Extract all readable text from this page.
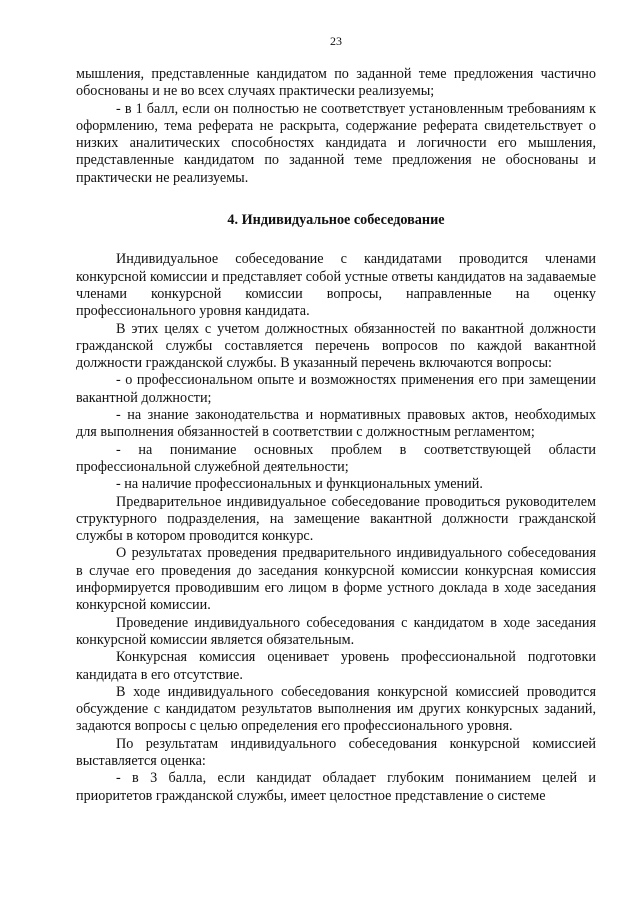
23

мышления, представленные кандидатом по заданной теме предложения частично обоснованы и не во всех случаях практически реализуемы;

- в 1 балл, если он полностью не соответствует установленным требованиям к оформлению, тема реферата не раскрыта, содержание реферата свидетельствует о низких аналитических способностях кандидата и логичности его мышления, представленные кандидатом по заданной теме предложения не обоснованы и практически не реализуемы.

4. Индивидуальное собеседование

Индивидуальное собеседование с кандидатами проводится членами конкурсной комиссии и представляет собой устные ответы кандидатов на задаваемые членами конкурсной комиссии вопросы, направленные на оценку профессионального уровня кандидата.

В этих целях с учетом должностных обязанностей по вакантной должности гражданской службы составляется перечень вопросов по каждой вакантной должности гражданской службы. В указанный перечень включаются вопросы:

- о профессиональном опыте и возможностях применения его при замещении вакантной должности;

- на знание законодательства и нормативных правовых актов, необходимых для выполнения обязанностей в соответствии с должностным регламентом;

- на понимание основных проблем в соответствующей области профессиональной служебной деятельности;

- на наличие профессиональных и функциональных умений.

Предварительное индивидуальное собеседование проводиться руководителем структурного подразделения, на замещение вакантной должности гражданской службы в котором проводится конкурс.

О результатах проведения предварительного индивидуального собеседования в случае его проведения до заседания конкурсной комиссии конкурсная комиссия информируется проводившим его лицом в форме устного доклада в ходе заседания конкурсной комиссии.

Проведение индивидуального собеседования с кандидатом в ходе заседания конкурсной комиссии является обязательным.

Конкурсная комиссия оценивает уровень профессиональной подготовки кандидата в его отсутствие.

В ходе индивидуального собеседования конкурсной комиссией проводится обсуждение с кандидатом результатов выполнения им других конкурсных заданий, задаются вопросы с целью определения его профессионального уровня.

По результатам индивидуального собеседования конкурсной комиссией выставляется оценка:

- в 3 балла, если кандидат обладает глубоким пониманием целей и приоритетов гражданской службы, имеет целостное представление о системе
